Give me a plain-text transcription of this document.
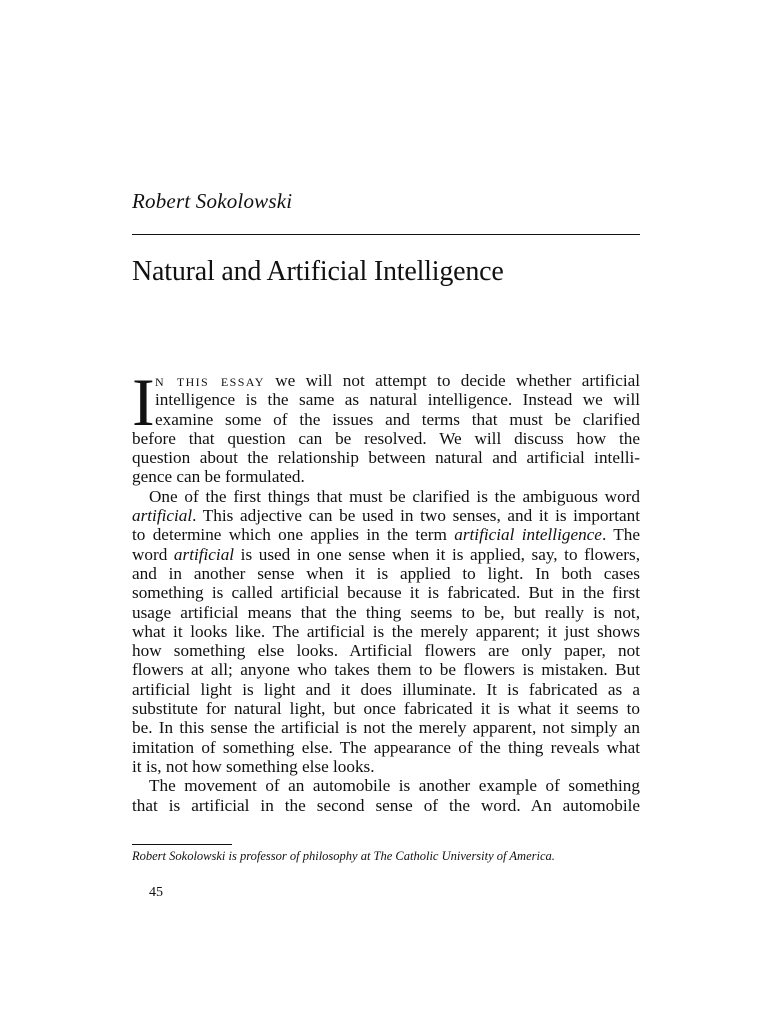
Robert Sokolowski
Natural and Artificial Intelligence
I n this essay we will not attempt to decide whether artificial
intelligence is the same as natural intelligence. Instead we will
examine some of the issues and terms that must be clarified
before that question can be resolved. We will discuss how the
question about the relationship between natural and artificial intelli-
gence can be formulated.
One of the first things that must be clarified is the ambiguous word
artificial. This adjective can be used in two senses, and it is important
to determine which one applies in the term artificial intelligence. The
word artificial is used in one sense when it is applied, say, to flowers,
and in another sense when it is applied to light. In both cases
something is called artificial because it is fabricated. But in the first
usage artificial means that the thing seems to be, but really is not,
what it looks like. The artificial is the merely apparent; it just shows
how something else looks. Artificial flowers are only paper, not
flowers at all; anyone who takes them to be flowers is mistaken. But
artificial light is light and it does illuminate. It is fabricated as a
substitute for natural light, but once fabricated it is what it seems to
be. In this sense the artificial is not the merely apparent, not simply an
imitation of something else. The appearance of the thing reveals what
it is, not how something else looks.
The movement of an automobile is another example of something
that is artificial in the second sense of the word. An automobile
Robert Sokolowski is professor of philosophy at The Catholic University of America.
45
